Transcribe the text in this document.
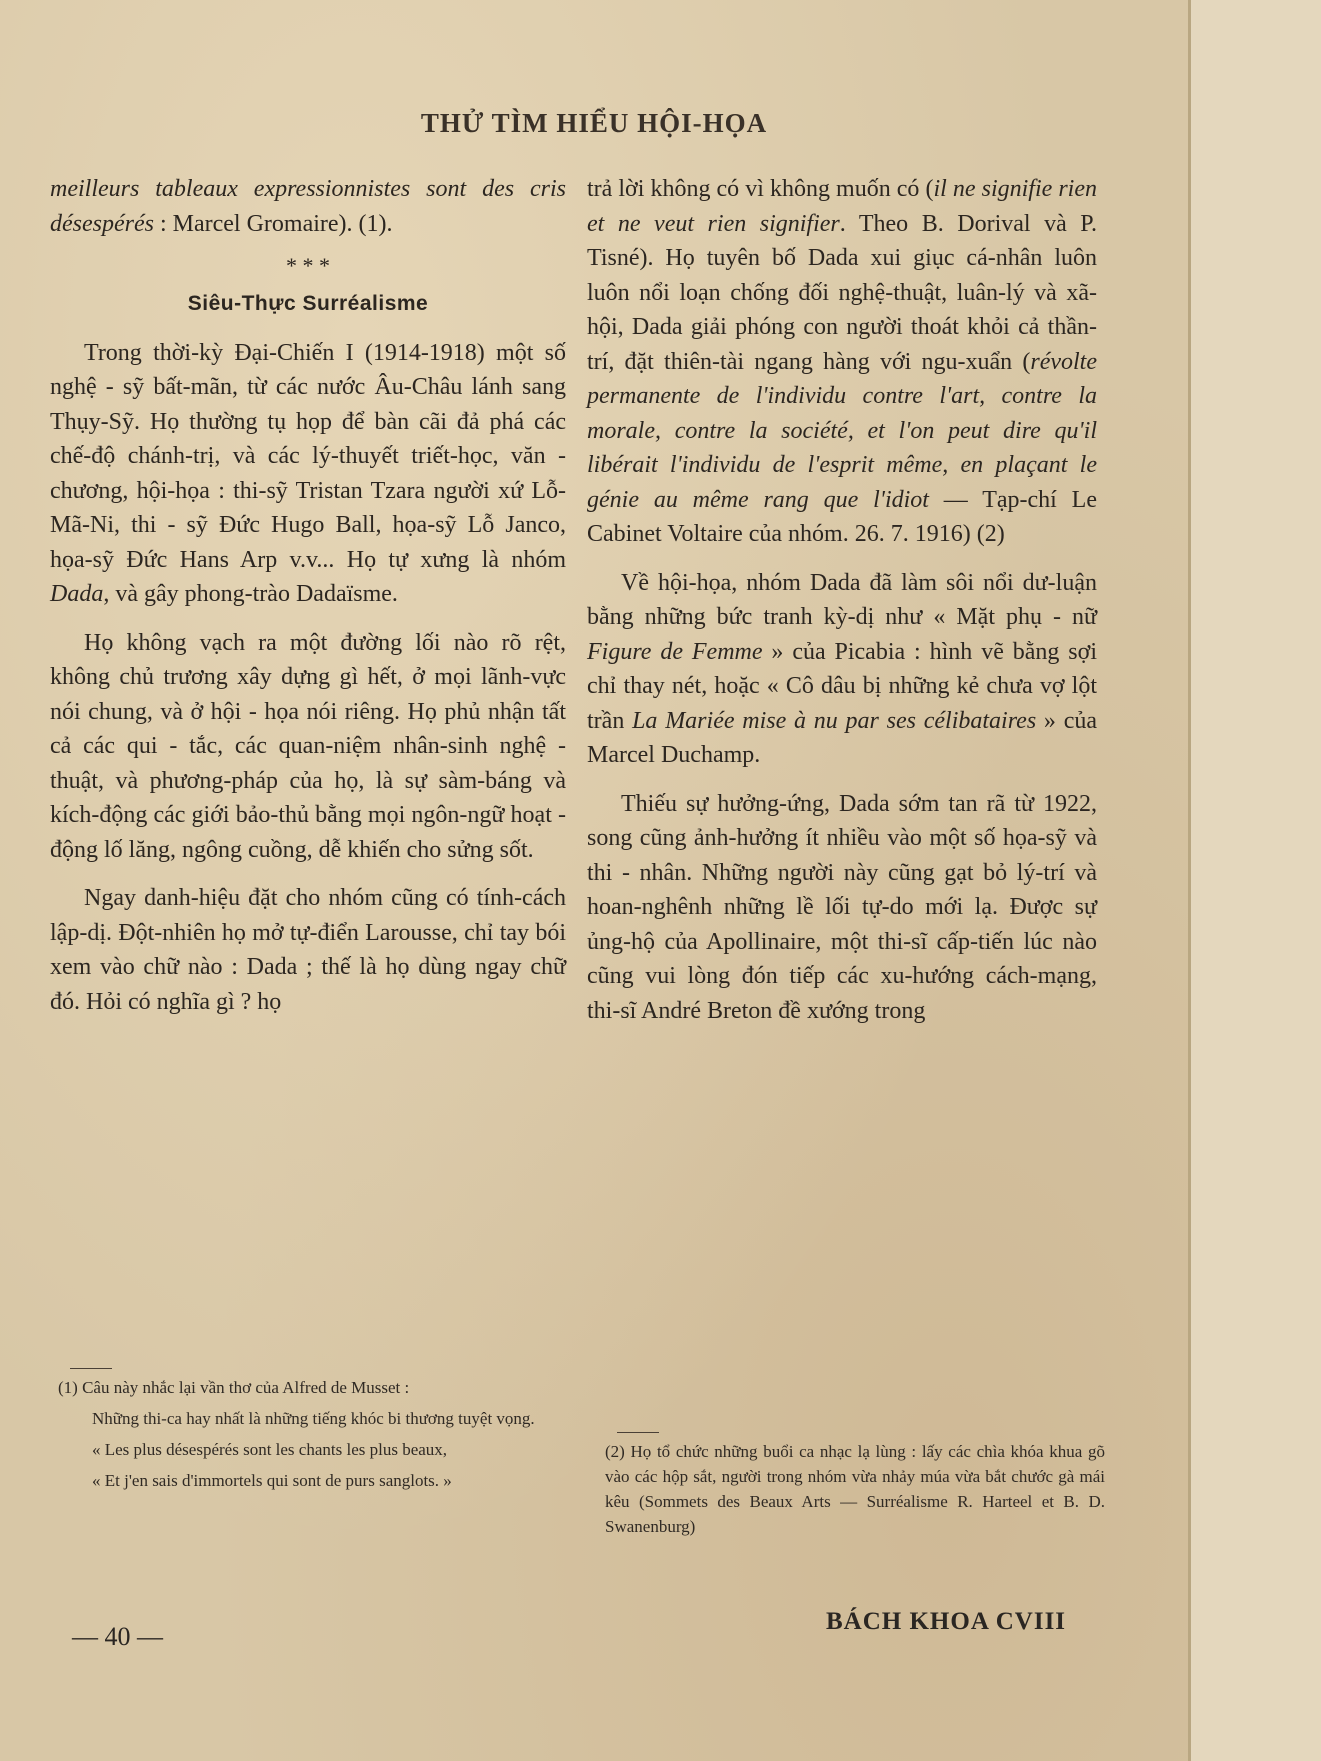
THỬ TÌM HIỂU HỘI-HỌA

meilleurs tableaux expressionnistes sont des cris désespérés : Marcel Gromaire). (1).

* * *
Siêu-Thực Surréalisme

Trong thời-kỳ Đại-Chiến I (1914-1918) một số nghệ - sỹ bất-mãn, từ các nước Âu-Châu lánh sang Thụy-Sỹ. Họ thường tụ họp để bàn cãi đả phá các chế-độ chánh-trị, và các lý-thuyết triết-học, văn - chương, hội-họa : thi-sỹ Tristan Tzara người xứ Lỗ-Mã-Ni, thi - sỹ Đức Hugo Ball, họa-sỹ Lỗ Janco, họa-sỹ Đức Hans Arp v.v... Họ tự xưng là nhóm Dada, và gây phong-trào Dadaïsme.

Họ không vạch ra một đường lối nào rõ rệt, không chủ trương xây dựng gì hết, ở mọi lãnh-vực nói chung, và ở hội - họa nói riêng. Họ phủ nhận tất cả các qui - tắc, các quan-niệm nhân-sinh nghệ - thuật, và phương-pháp của họ, là sự sàm-báng và kích-động các giới bảo-thủ bằng mọi ngôn-ngữ hoạt - động lố lăng, ngông cuồng, dễ khiến cho sửng sốt.

Ngay danh-hiệu đặt cho nhóm cũng có tính-cách lập-dị. Đột-nhiên họ mở tự-điển Larousse, chỉ tay bói xem vào chữ nào : Dada ; thế là họ dùng ngay chữ đó. Hỏi có nghĩa gì ? họ

trả lời không có vì không muốn có (il ne signifie rien et ne veut rien signifier. Theo B. Dorival và P. Tisné). Họ tuyên bố Dada xui giục cá-nhân luôn luôn nổi loạn chống đối nghệ-thuật, luân-lý và xã-hội, Dada giải phóng con người thoát khỏi cả thần-trí, đặt thiên-tài ngang hàng với ngu-xuẩn (révolte permanente de l'individu contre l'art, contre la morale, contre la société, et l'on peut dire qu'il libérait l'individu de l'esprit même, en plaçant le génie au même rang que l'idiot — Tạp-chí Le Cabinet Voltaire của nhóm. 26. 7. 1916) (2)

Về hội-họa, nhóm Dada đã làm sôi nổi dư-luận bằng những bức tranh kỳ-dị như « Mặt phụ - nữ Figure de Femme » của Picabia : hình vẽ bằng sợi chỉ thay nét, hoặc « Cô dâu bị những kẻ chưa vợ lột trần La Mariée mise à nu par ses célibataires » của Marcel Duchamp.

Thiếu sự hưởng-ứng, Dada sớm tan rã từ 1922, song cũng ảnh-hưởng ít nhiều vào một số họa-sỹ và thi - nhân. Những người này cũng gạt bỏ lý-trí và hoan-nghênh những lề lối tự-do mới lạ. Được sự ủng-hộ của Apollinaire, một thi-sĩ cấp-tiến lúc nào cũng vui lòng đón tiếp các xu-hướng cách-mạng, thi-sĩ André Breton đề xướng trong

(1) Câu này nhắc lại vần thơ của Alfred de Musset :

Những thi-ca hay nhất là những tiếng khóc bi thương tuyệt vọng.

« Les plus désespérés sont les chants les plus beaux,

« Et j'en sais d'immortels qui sont de purs sanglots. »

(2) Họ tổ chức những buổi ca nhạc lạ lùng : lấy các chìa khóa khua gõ vào các hộp sắt, người trong nhóm vừa nhảy múa vừa bắt chước gà mái kêu (Sommets des Beaux Arts — Surréalisme R. Harteel et B. D. Swanenburg)

— 40 —
BÁCH KHOA CVIII
